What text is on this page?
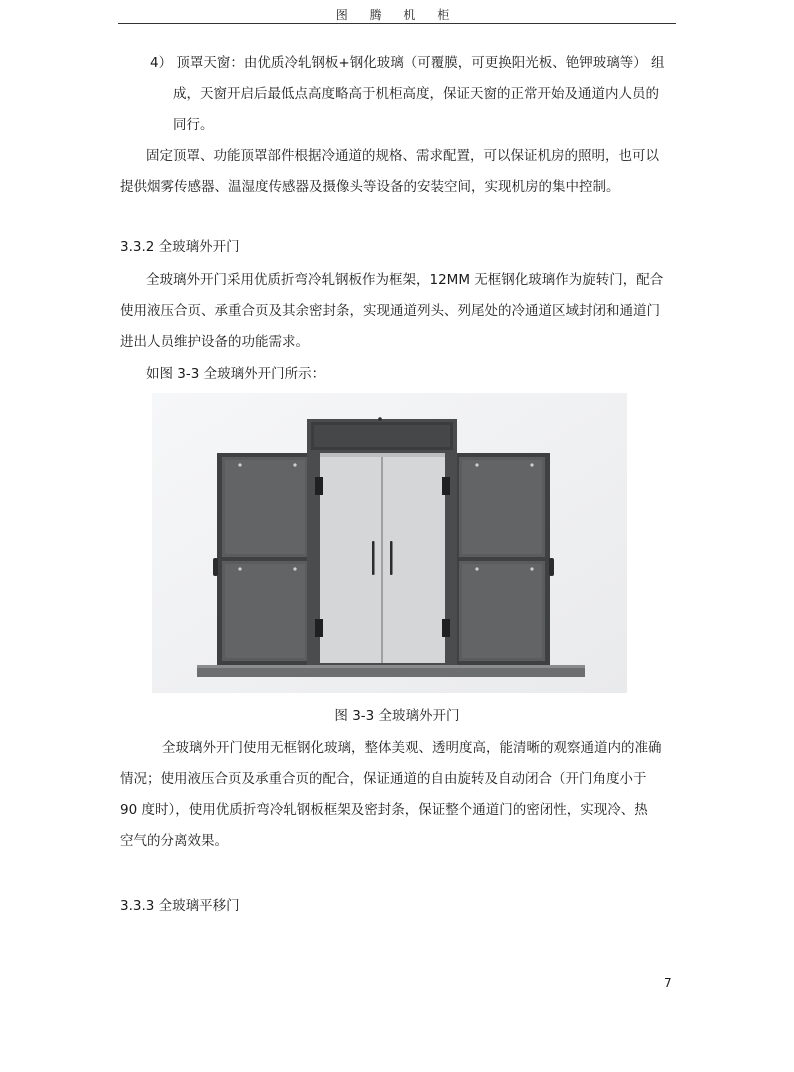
图 腾 机 柜
4） 顶罩天窗：由优质冷轧钢板+钢化玻璃（可覆膜，可更换阳光板、铯钾玻璃等） 组
成，天窗开启后最低点高度略高于机柜高度，保证天窗的正常开始及通道内人员的
同行。
固定顶罩、功能顶罩部件根据冷通道的规格、需求配置，可以保证机房的照明，也可以
提供烟雾传感器、温湿度传感器及摄像头等设备的安装空间，实现机房的集中控制。
3.3.2 全玻璃外开门
全玻璃外开门采用优质折弯冷轧钢板作为框架，12MM 无框钢化玻璃作为旋转门，配合
使用液压合页、承重合页及其余密封条，实现通道列头、列尾处的冷通道区域封闭和通道门
进出人员维护设备的功能需求。
如图 3-3 全玻璃外开门所示：
图 3-3 全玻璃外开门
全玻璃外开门使用无框钢化玻璃，整体美观、透明度高，能清晰的观察通道内的准确
情况；使用液压合页及承重合页的配合，保证通道的自由旋转及自动闭合（开门角度小于
90 度时），使用优质折弯冷轧钢板框架及密封条，保证整个通道门的密闭性，实现冷、热
空气的分离效果。
3.3.3 全玻璃平移门
7
